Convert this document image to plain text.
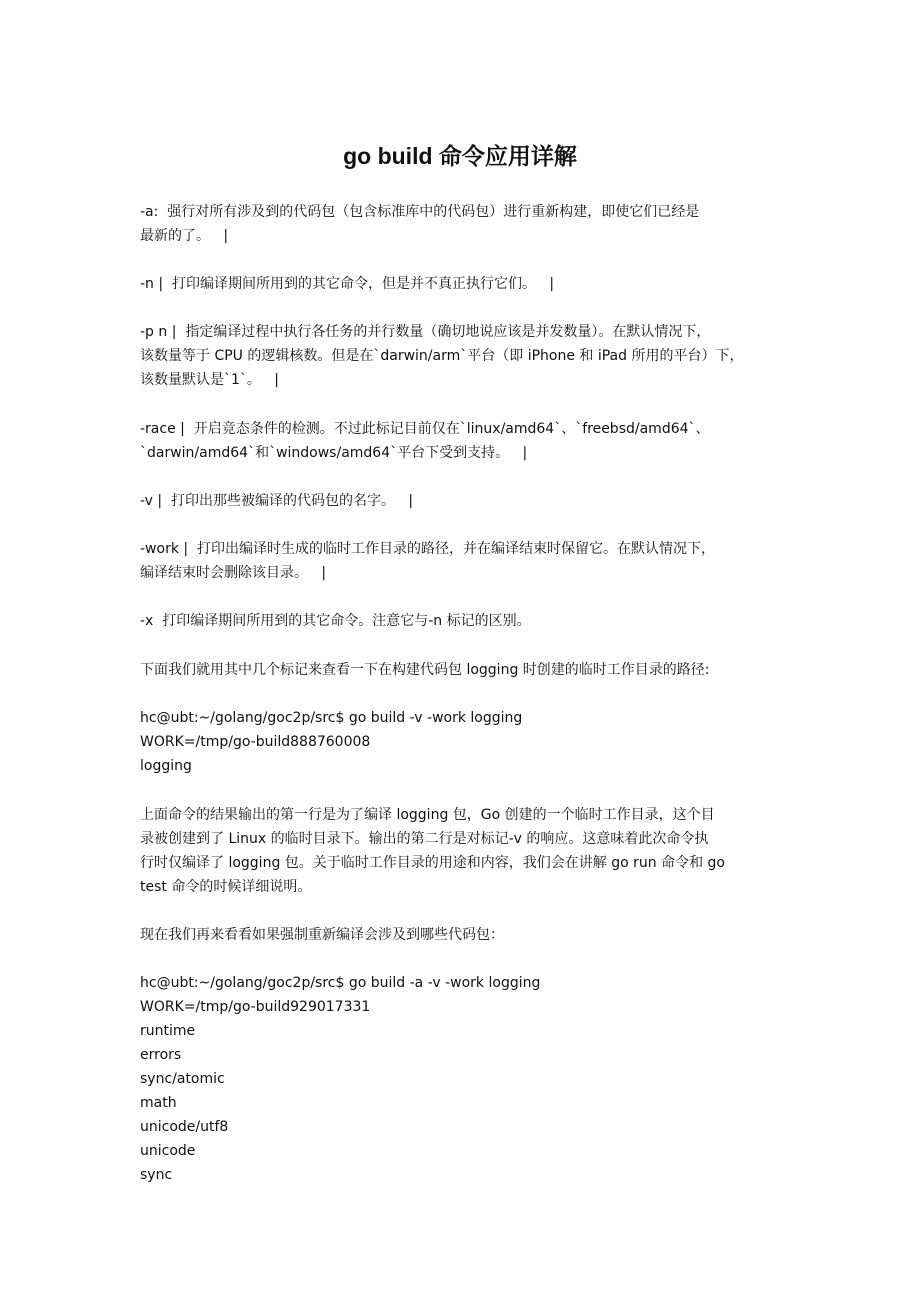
go build 命令应用详解
-a:  强行对所有涉及到的代码包（包含标准库中的代码包）进行重新构建，即使它们已经是
最新的了。   |
-n |  打印编译期间所用到的其它命令，但是并不真正执行它们。   |
-p n |  指定编译过程中执行各任务的并行数量（确切地说应该是并发数量）。在默认情况下，
该数量等于 CPU 的逻辑核数。但是在`darwin/arm`平台（即 iPhone 和 iPad 所用的平台）下，
该数量默认是`1`。   |
-race |  开启竞态条件的检测。不过此标记目前仅在`linux/amd64`、`freebsd/amd64`、
`darwin/amd64`和`windows/amd64`平台下受到支持。   |
-v |  打印出那些被编译的代码包的名字。   |
-work |  打印出编译时生成的临时工作目录的路径，并在编译结束时保留它。在默认情况下，
编译结束时会删除该目录。   |
-x  打印编译期间所用到的其它命令。注意它与-n 标记的区别。
下面我们就用其中几个标记来查看一下在构建代码包 logging 时创建的临时工作目录的路径:
hc@ubt:~/golang/goc2p/src$ go build -v -work logging
WORK=/tmp/go-build888760008
logging
上面命令的结果输出的第一行是为了编译 logging 包，Go 创建的一个临时工作目录，这个目
录被创建到了 Linux 的临时目录下。输出的第二行是对标记-v 的响应。这意味着此次命令执
行时仅编译了 logging 包。关于临时工作目录的用途和内容，我们会在讲解 go run 命令和 go
test 命令的时候详细说明。
现在我们再来看看如果强制重新编译会涉及到哪些代码包：
hc@ubt:~/golang/goc2p/src$ go build -a -v -work logging
WORK=/tmp/go-build929017331
runtime
errors
sync/atomic
math
unicode/utf8
unicode
sync
